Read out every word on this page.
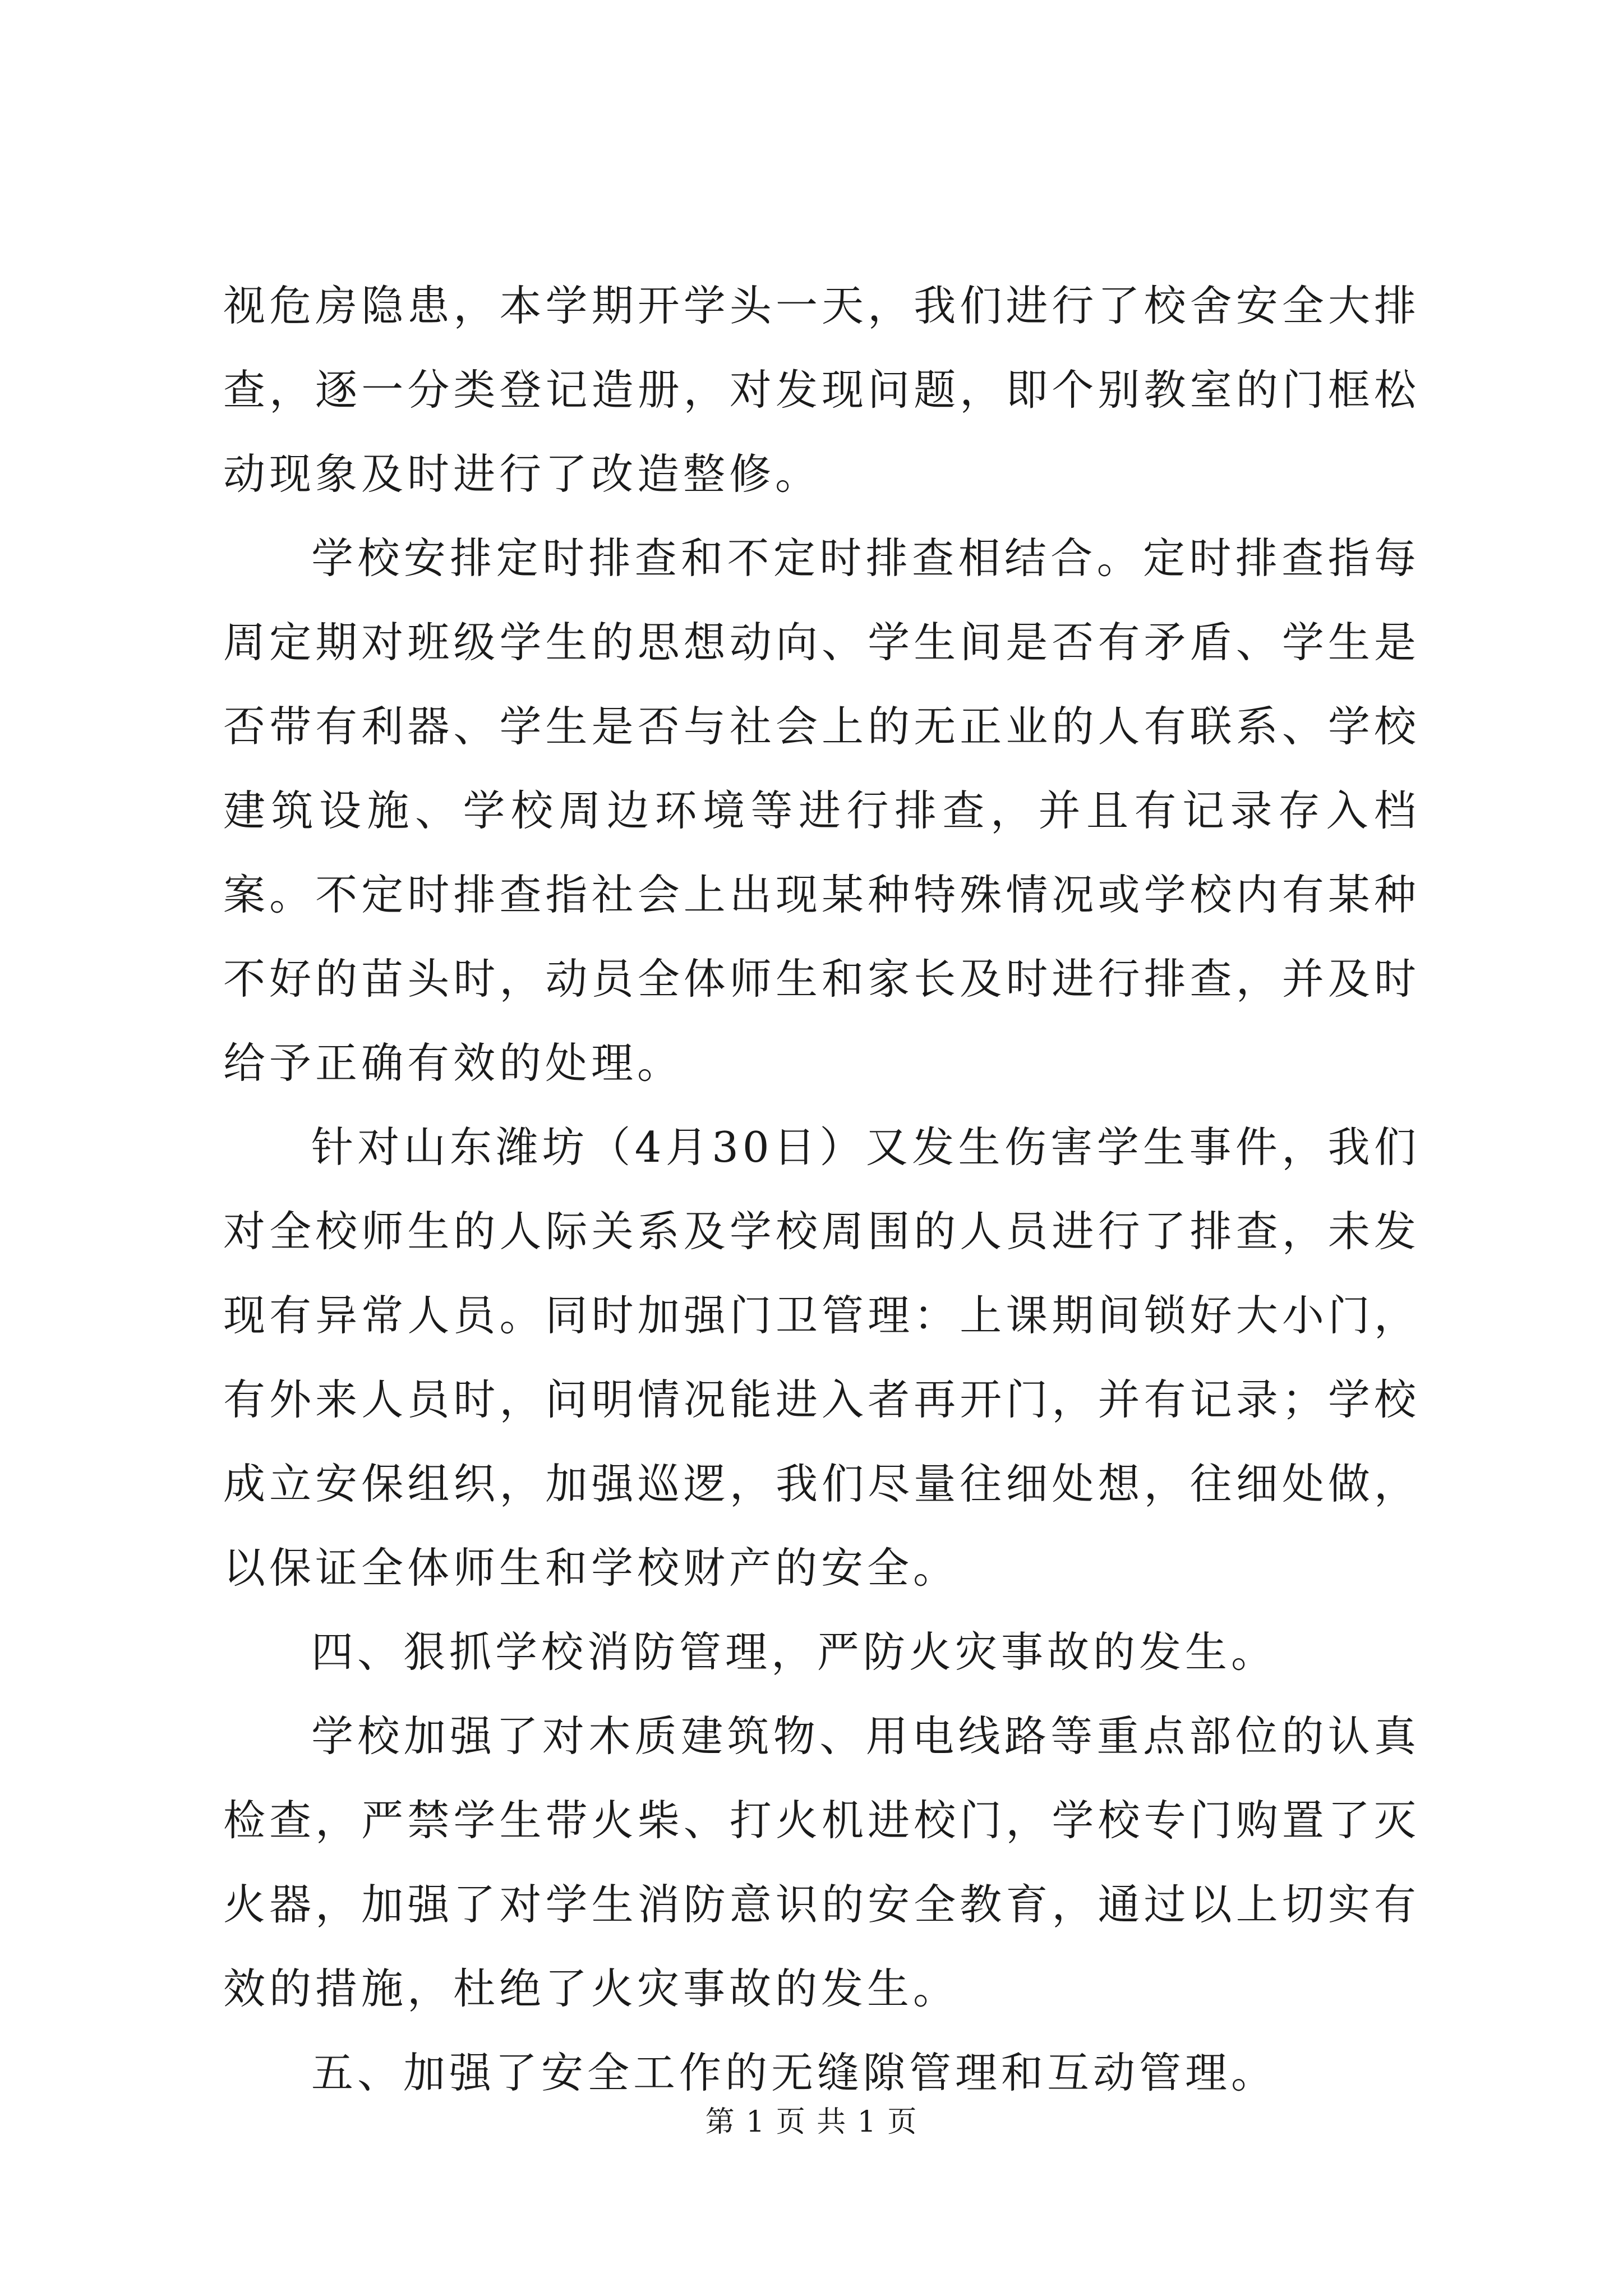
视危房隐患，本学期开学头一天，我们进行了校舍安全大排查，逐一分类登记造册，对发现问题，即个别教室的门框松动现象及时进行了改造整修。

学校安排定时排查和不定时排查相结合。定时排查指每周定期对班级学生的思想动向、学生间是否有矛盾、学生是否带有利器、学生是否与社会上的无正业的人有联系、学校建筑设施、学校周边环境等进行排查，并且有记录存入档案。不定时排查指社会上出现某种特殊情况或学校内有某种不好的苗头时，动员全体师生和家长及时进行排查，并及时给予正确有效的处理。

针对山东潍坊（4月30日）又发生伤害学生事件，我们对全校师生的人际关系及学校周围的人员进行了排查，未发现有异常人员。同时加强门卫管理：上课期间锁好大小门，有外来人员时，问明情况能进入者再开门，并有记录；学校成立安保组织，加强巡逻，我们尽量往细处想，往细处做，以保证全体师生和学校财产的安全。

四、狠抓学校消防管理，严防火灾事故的发生。

学校加强了对木质建筑物、用电线路等重点部位的认真检查，严禁学生带火柴、打火机进校门，学校专门购置了灭火器，加强了对学生消防意识的安全教育，通过以上切实有效的措施，杜绝了火灾事故的发生。

五、加强了安全工作的无缝隙管理和互动管理。

第 1 页 共 1 页
